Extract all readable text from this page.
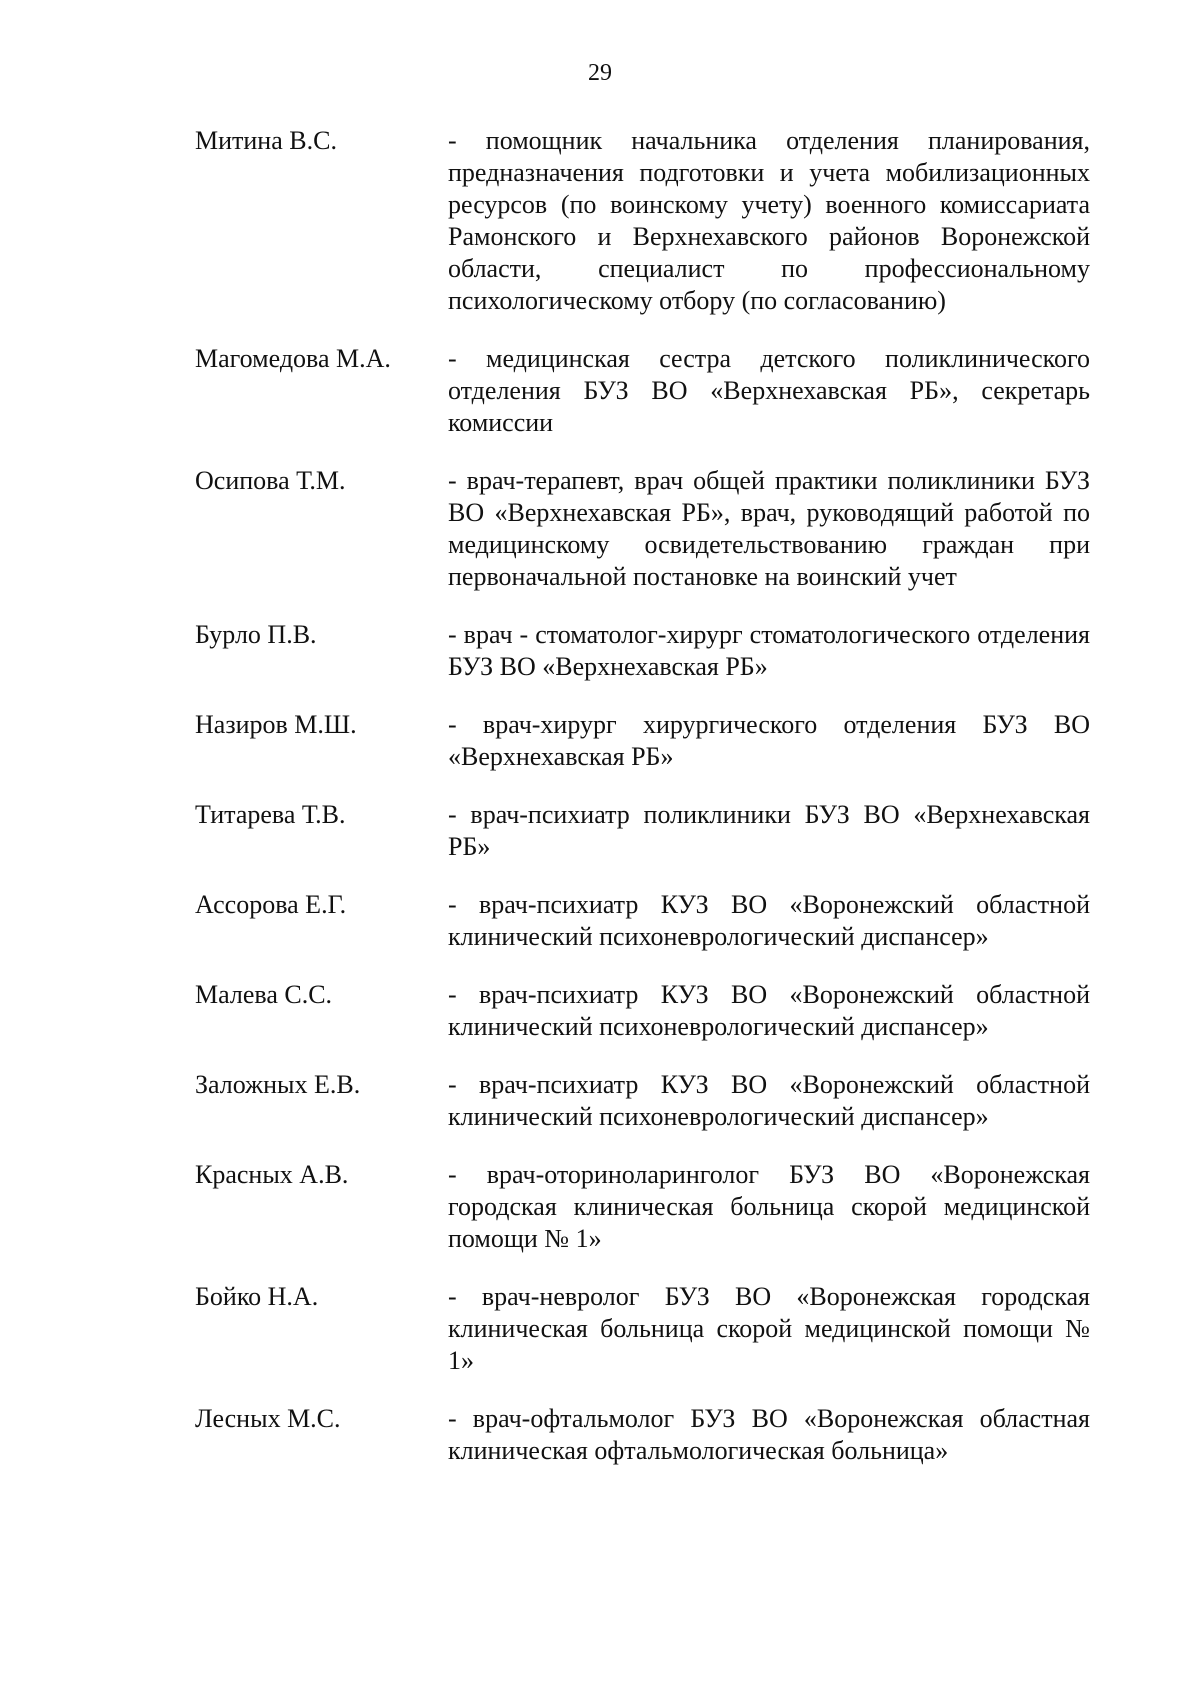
29
Митина В.С.	- помощник начальника отделения планирования, предназначения подготовки и учета мобилизационных ресурсов (по воинскому учету) военного комиссариата Рамонского и Верхнехавского районов Воронежской области, специалист по профессиональному психологическому отбору (по согласованию)
Магомедова М.А.	- медицинская сестра детского поликлинического отделения БУЗ ВО «Верхнехавская РБ», секретарь комиссии
Осипова Т.М.	- врач-терапевт, врач общей практики поликлиники БУЗ ВО «Верхнехавская РБ», врач, руководящий работой по медицинскому освидетельствованию граждан при первоначальной постановке на воинский учет
Бурло П.В.	- врач - стоматолог-хирург стоматологического отделения БУЗ ВО «Верхнехавская РБ»
Назиров М.Ш.	- врач-хирург хирургического отделения БУЗ ВО «Верхнехавская РБ»
Титарева Т.В.	- врач-психиатр поликлиники БУЗ ВО «Верхнехавская РБ»
Ассорова Е.Г.	- врач-психиатр КУЗ ВО «Воронежский областной клинический психоневрологический диспансер»
Малева С.С.	- врач-психиатр КУЗ ВО «Воронежский областной клинический психоневрологический диспансер»
Заложных Е.В.	- врач-психиатр КУЗ ВО «Воронежский областной клинический психоневрологический диспансер»
Красных А.В.	- врач-оториноларинголог БУЗ ВО «Воронежская городская клиническая больница скорой медицинской помощи № 1»
Бойко Н.А.	- врач-невролог БУЗ ВО «Воронежская городская клиническая больница скорой медицинской помощи № 1»
Лесных М.С.	- врач-офтальмолог БУЗ ВО «Воронежская областная клиническая офтальмологическая больница»
